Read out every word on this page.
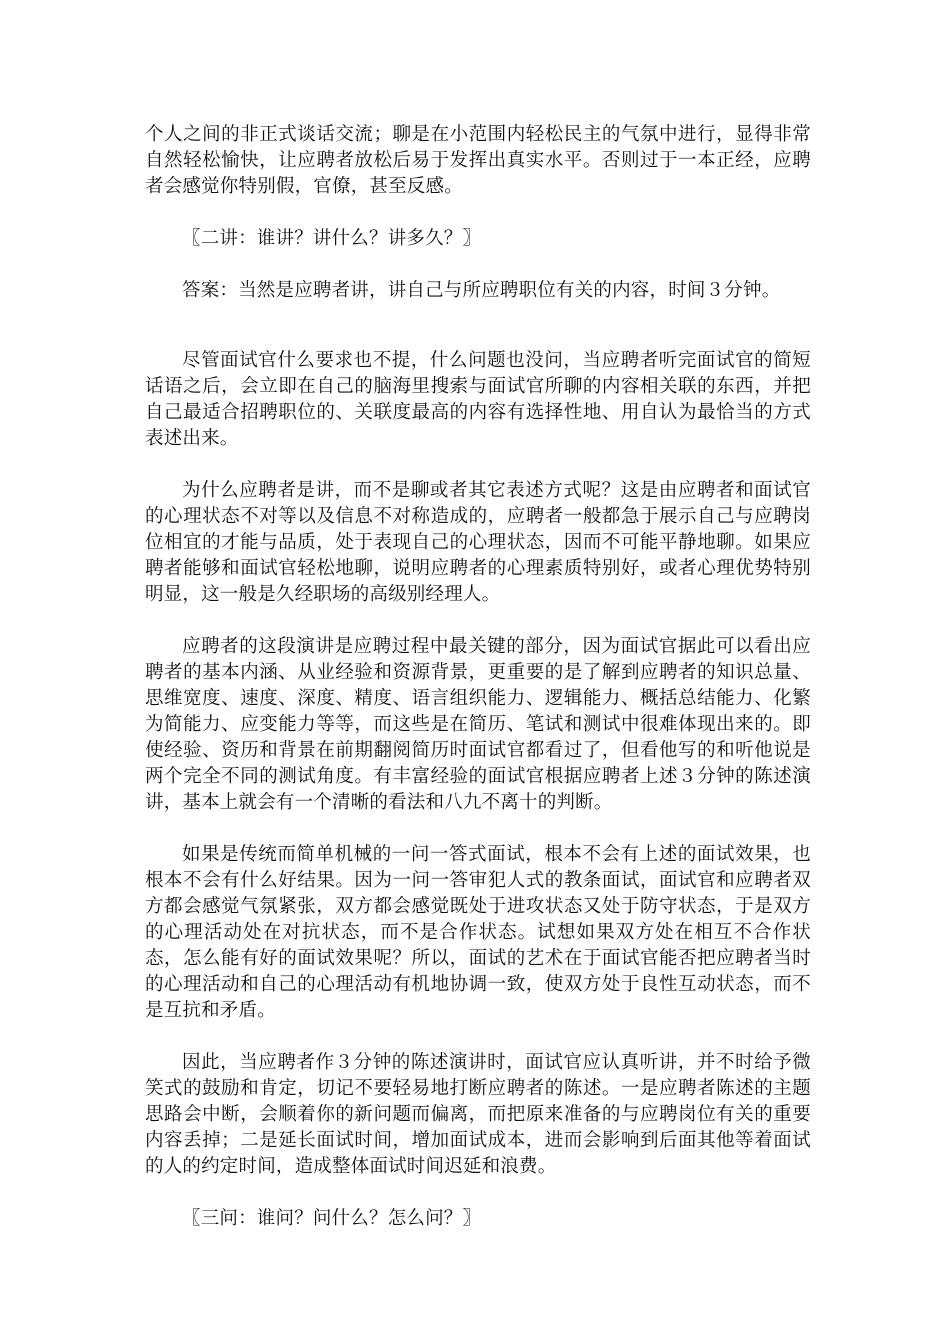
个人之间的非正式谈话交流；聊是在小范围内轻松民主的气氛中进行，显得非常自然轻松愉快，让应聘者放松后易于发挥出真实水平。否则过于一本正经，应聘者会感觉你特别假，官僚，甚至反感。

〖二讲：谁讲？讲什么？讲多久？〗

答案：当然是应聘者讲，讲自己与所应聘职位有关的内容，时间３分钟。

尽管面试官什么要求也不提，什么问题也没问，当应聘者听完面试官的简短话语之后，会立即在自己的脑海里搜索与面试官所聊的内容相关联的东西，并把自己最适合招聘职位的、关联度最高的内容有选择性地、用自认为最恰当的方式表述出来。

为什么应聘者是讲，而不是聊或者其它表述方式呢？这是由应聘者和面试官的心理状态不对等以及信息不对称造成的，应聘者一般都急于展示自己与应聘岗位相宜的才能与品质，处于表现自己的心理状态，因而不可能平静地聊。如果应聘者能够和面试官轻松地聊，说明应聘者的心理素质特别好，或者心理优势特别明显，这一般是久经职场的高级别经理人。

应聘者的这段演讲是应聘过程中最关键的部分，因为面试官据此可以看出应聘者的基本内涵、从业经验和资源背景，更重要的是了解到应聘者的知识总量、思维宽度、速度、深度、精度、语言组织能力、逻辑能力、概括总结能力、化繁为简能力、应变能力等等，而这些是在简历、笔试和测试中很难体现出来的。即使经验、资历和背景在前期翻阅简历时面试官都看过了，但看他写的和听他说是两个完全不同的测试角度。有丰富经验的面试官根据应聘者上述３分钟的陈述演讲，基本上就会有一个清晰的看法和八九不离十的判断。

如果是传统而简单机械的一问一答式面试，根本不会有上述的面试效果，也根本不会有什么好结果。因为一问一答审犯人式的教条面试，面试官和应聘者双方都会感觉气氛紧张，双方都会感觉既处于进攻状态又处于防守状态，于是双方的心理活动处在对抗状态，而不是合作状态。试想如果双方处在相互不合作状态，怎么能有好的面试效果呢？所以，面试的艺术在于面试官能否把应聘者当时的心理活动和自己的心理活动有机地协调一致，使双方处于良性互动状态，而不是互抗和矛盾。

因此，当应聘者作３分钟的陈述演讲时，面试官应认真听讲，并不时给予微笑式的鼓励和肯定，切记不要轻易地打断应聘者的陈述。一是应聘者陈述的主题思路会中断，会顺着你的新问题而偏离，而把原来准备的与应聘岗位有关的重要内容丢掉；二是延长面试时间，增加面试成本，进而会影响到后面其他等着面试的人的约定时间，造成整体面试时间迟延和浪费。

〖三问：谁问？问什么？怎么问？〗
